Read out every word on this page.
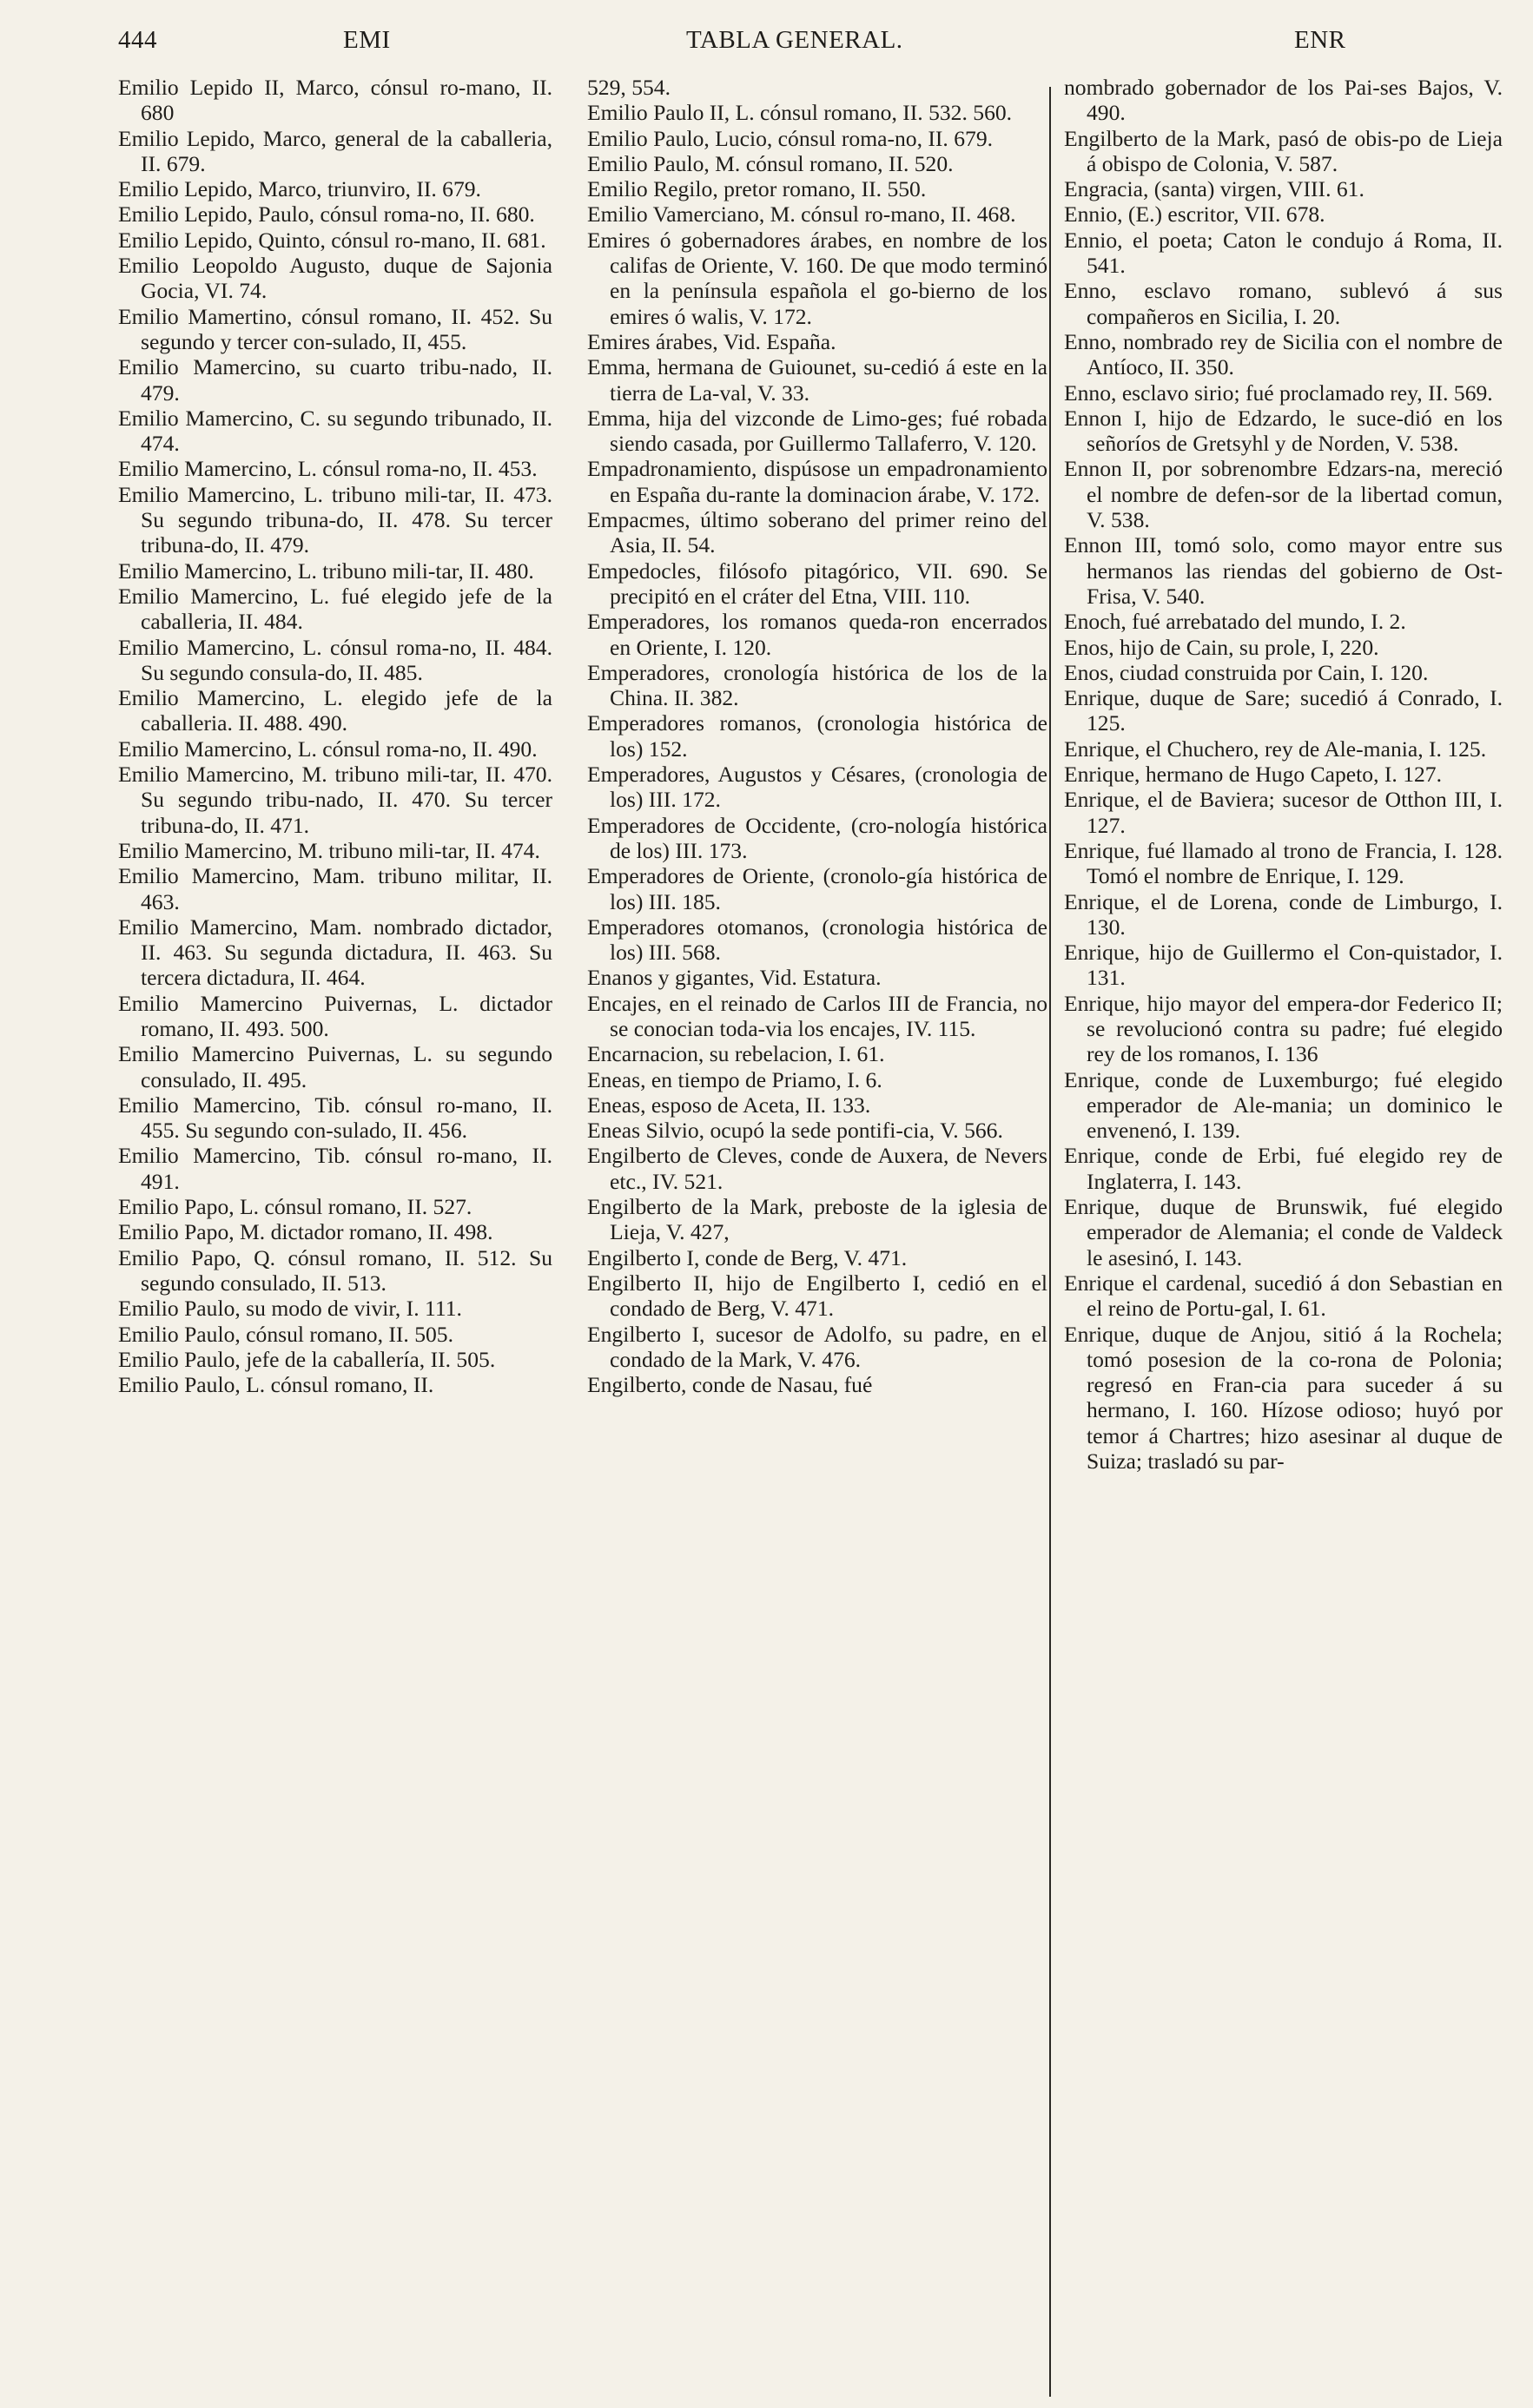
444	EMI	TABLA GENERAL.	ENR

Emilio Lepido II, Marco, cónsul ro-mano, II. 680

Emilio Lepido, Marco, general de la caballeria, II. 679.

Emilio Lepido, Marco, triunviro, II. 679.

Emilio Lepido, Paulo, cónsul roma-no, II. 680.

Emilio Lepido, Quinto, cónsul ro-mano, II. 681.

Emilio Leopoldo Augusto, duque de Sajonia Gocia, VI. 74.

Emilio Mamertino, cónsul romano, II. 452. Su segundo y tercer con-sulado, II, 455.

Emilio Mamercino, su cuarto tribu-nado, II. 479.

Emilio Mamercino, C. su segundo tribunado, II. 474.

Emilio Mamercino, L. cónsul roma-no, II. 453.

Emilio Mamercino, L. tribuno mili-tar, II. 473. Su segundo tribuna-do, II. 478. Su tercer tribuna-do, II. 479.

Emilio Mamercino, L. tribuno mili-tar, II. 480.

Emilio Mamercino, L. fué elegido jefe de la caballeria, II. 484.

Emilio Mamercino, L. cónsul roma-no, II. 484. Su segundo consula-do, II. 485.

Emilio Mamercino, L. elegido jefe de la caballeria. II. 488. 490.

Emilio Mamercino, L. cónsul roma-no, II. 490.

Emilio Mamercino, M. tribuno mili-tar, II. 470. Su segundo tribu-nado, II. 470. Su tercer tribuna-do, II. 471.

Emilio Mamercino, M. tribuno mili-tar, II. 474.

Emilio Mamercino, Mam. tribuno militar, II. 463.

Emilio Mamercino, Mam. nombrado dictador, II. 463. Su segunda dictadura, II. 463. Su tercera dictadura, II. 464.

Emilio Mamercino Puivernas, L. dictador romano, II. 493. 500.

Emilio Mamercino Puivernas, L. su segundo consulado, II. 495.

Emilio Mamercino, Tib. cónsul ro-mano, II. 455. Su segundo con-sulado, II. 456.

Emilio Mamercino, Tib. cónsul ro-mano, II. 491.

Emilio Papo, L. cónsul romano, II. 527.

Emilio Papo, M. dictador romano, II. 498.

Emilio Papo, Q. cónsul romano, II. 512. Su segundo consulado, II. 513.

Emilio Paulo, su modo de vivir, I. 111.

Emilio Paulo, cónsul romano, II. 505.

Emilio Paulo, jefe de la caballería, II. 505.

Emilio Paulo, L. cónsul romano, II.

529, 554.

Emilio Paulo II, L. cónsul romano, II. 532. 560.

Emilio Paulo, Lucio, cónsul roma-no, II. 679.

Emilio Paulo, M. cónsul romano, II. 520.

Emilio Regilo, pretor romano, II. 550.

Emilio Vamerciano, M. cónsul ro-mano, II. 468.

Emires ó gobernadores árabes, en nombre de los califas de Oriente, V. 160. De que modo terminó en la península española el go-bierno de los emires ó walis, V. 172.

Emires árabes, Vid. España.

Emma, hermana de Guiounet, su-cedió á este en la tierra de La-val, V. 33.

Emma, hija del vizconde de Limo-ges; fué robada siendo casada, por Guillermo Tallaferro, V. 120.

Empadronamiento, dispúsose un empadronamiento en España du-rante la dominacion árabe, V. 172.

Empacmes, último soberano del primer reino del Asia, II. 54.

Empedocles, filósofo pitagórico, VII. 690. Se precipitó en el cráter del Etna, VIII. 110.

Emperadores, los romanos queda-ron encerrados en Oriente, I. 120.

Emperadores, cronología histórica de los de la China. II. 382.

Emperadores romanos, (cronologia histórica de los) 152.

Emperadores, Augustos y Césares, (cronologia de los) III. 172.

Emperadores de Occidente, (cro-nología histórica de los) III. 173.

Emperadores de Oriente, (cronolo-gía histórica de los) III. 185.

Emperadores otomanos, (cronologia histórica de los) III. 568.

Enanos y gigantes, Vid. Estatura.

Encajes, en el reinado de Carlos III de Francia, no se conocian toda-via los encajes, IV. 115.

Encarnacion, su rebelacion, I. 61.

Eneas, en tiempo de Priamo, I. 6.

Eneas, esposo de Aceta, II. 133.

Eneas Silvio, ocupó la sede pontifi-cia, V. 566.

Engilberto de Cleves, conde de Auxera, de Nevers etc., IV. 521.

Engilberto de la Mark, preboste de la iglesia de Lieja, V. 427,

Engilberto I, conde de Berg, V. 471.

Engilberto II, hijo de Engilberto I, cedió en el condado de Berg, V. 471.

Engilberto I, sucesor de Adolfo, su padre, en el condado de la Mark, V. 476.

Engilberto, conde de Nasau, fué

nombrado gobernador de los Pai-ses Bajos, V. 490.

Engilberto de la Mark, pasó de obis-po de Lieja á obispo de Colonia, V. 587.

Engracia, (santa) virgen, VIII. 61.

Ennio, (E.) escritor, VII. 678.

Ennio, el poeta; Caton le condujo á Roma, II. 541.

Enno, esclavo romano, sublevó á sus compañeros en Sicilia, I. 20.

Enno, nombrado rey de Sicilia con el nombre de Antíoco, II. 350.

Enno, esclavo sirio; fué proclamado rey, II. 569.

Ennon I, hijo de Edzardo, le suce-dió en los señoríos de Gretsyhl y de Norden, V. 538.

Ennon II, por sobrenombre Edzars-na, mereció el nombre de defen-sor de la libertad comun, V. 538.

Ennon III, tomó solo, como mayor entre sus hermanos las riendas del gobierno de Ost-Frisa, V. 540.

Enoch, fué arrebatado del mundo, I. 2.

Enos, hijo de Cain, su prole, I, 220.

Enos, ciudad construida por Cain, I. 120.

Enrique, duque de Sare; sucedió á Conrado, I. 125.

Enrique, el Chuchero, rey de Ale-mania, I. 125.

Enrique, hermano de Hugo Capeto, I. 127.

Enrique, el de Baviera; sucesor de Otthon III, I. 127.

Enrique, fué llamado al trono de Francia, I. 128. Tomó el nombre de Enrique, I. 129.

Enrique, el de Lorena, conde de Limburgo, I. 130.

Enrique, hijo de Guillermo el Con-quistador, I. 131.

Enrique, hijo mayor del empera-dor Federico II; se revolucionó contra su padre; fué elegido rey de los romanos, I. 136

Enrique, conde de Luxemburgo; fué elegido emperador de Ale-mania; un dominico le envenenó, I. 139.

Enrique, conde de Erbi, fué elegido rey de Inglaterra, I. 143.

Enrique, duque de Brunswik, fué elegido emperador de Alemania; el conde de Valdeck le asesinó, I. 143.

Enrique el cardenal, sucedió á don Sebastian en el reino de Portu-gal, I. 61.

Enrique, duque de Anjou, sitió á la Rochela; tomó posesion de la co-rona de Polonia; regresó en Fran-cia para suceder á su hermano, I. 160. Hízose odioso; huyó por temor á Chartres; hizo asesinar al duque de Suiza; trasladó su par-
